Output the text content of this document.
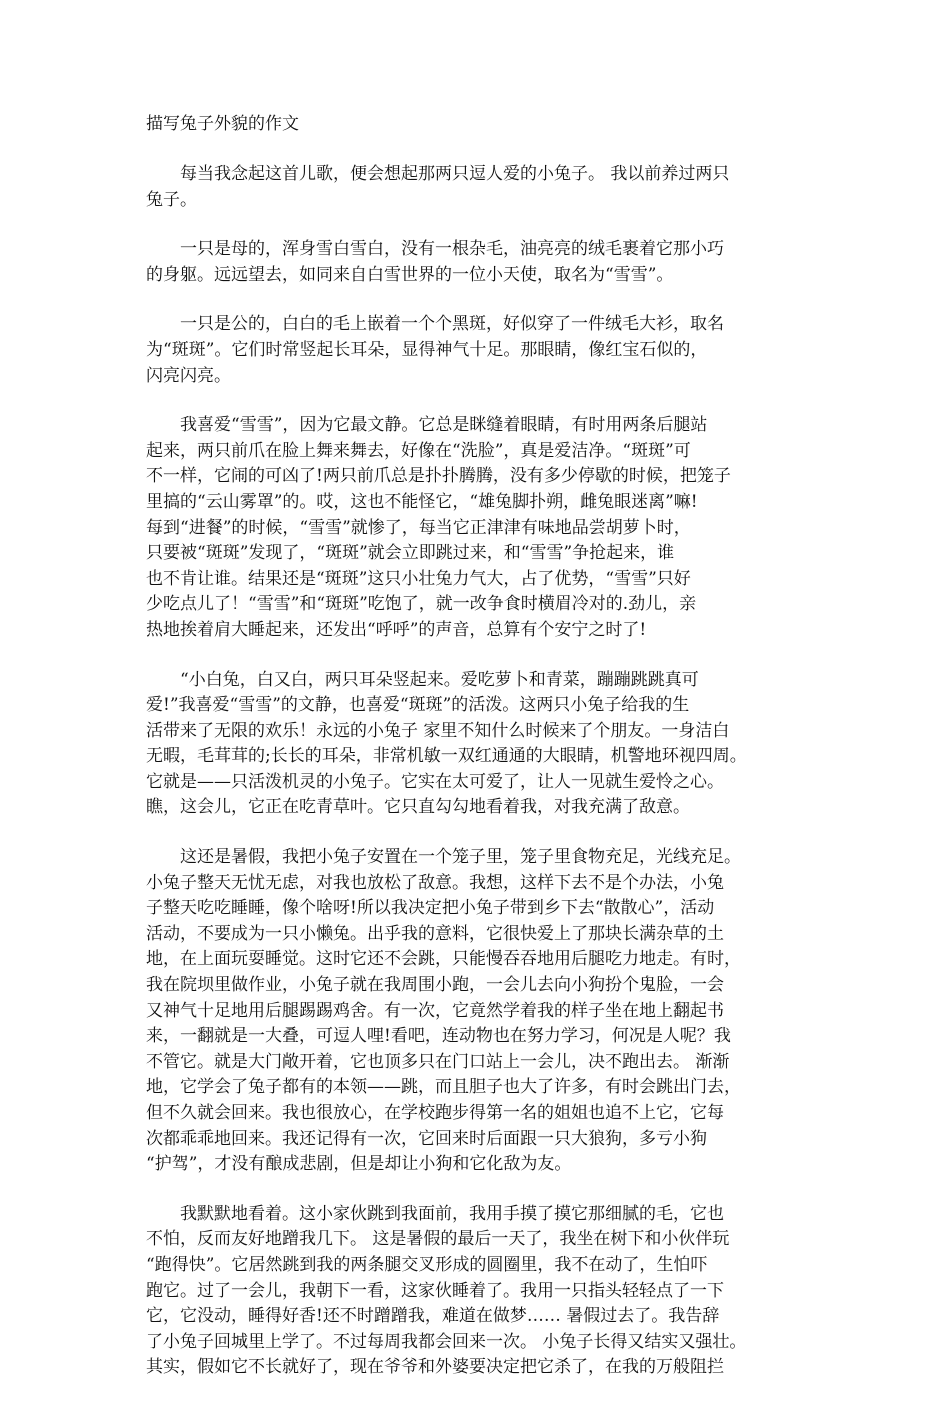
描写兔子外貌的作文
每当我念起这首儿歌，便会想起那两只逗人爱的小兔子。 我以前养过两只
兔子。
一只是母的，浑身雪白雪白，没有一根杂毛，油亮亮的绒毛裹着它那小巧
的身躯。远远望去，如同来自白雪世界的一位小天使，取名为“雪雪”。
一只是公的，白白的毛上嵌着一个个黑斑，好似穿了一件绒毛大衫，取名
为“斑斑”。它们时常竖起长耳朵，显得神气十足。那眼睛，像红宝石似的，
闪亮闪亮。
我喜爱“雪雪”，因为它最文静。它总是眯缝着眼睛，有时用两条后腿站
起来，两只前爪在脸上舞来舞去，好像在“洗脸”，真是爱洁净。“斑斑”可
不一样，它闹的可凶了!两只前爪总是扑扑腾腾，没有多少停歇的时候，把笼子
里搞的“云山雾罩”的。哎，这也不能怪它，“雄兔脚扑朔，雌兔眼迷离”嘛!
每到“进餐”的时候，“雪雪”就惨了，每当它正津津有味地品尝胡萝卜时，
只要被“斑斑”发现了，“斑斑”就会立即跳过来，和“雪雪”争抢起来，谁
也不肯让谁。结果还是“斑斑”这只小壮兔力气大，占了优势，“雪雪”只好
少吃点儿了！“雪雪”和“斑斑”吃饱了，就一改争食时横眉冷对的.劲儿，亲
热地挨着肩大睡起来，还发出“呼呼”的声音，总算有个安宁之时了!
“小白兔，白又白，两只耳朵竖起来。爱吃萝卜和青菜，蹦蹦跳跳真可
爱!”我喜爱“雪雪”的文静，也喜爱“斑斑”的活泼。这两只小兔子给我的生
活带来了无限的欢乐！永远的小兔子 家里不知什么时候来了个朋友。一身洁白
无暇，毛茸茸的;长长的耳朵，非常机敏一双红通通的大眼睛，机警地环视四周。
它就是——只活泼机灵的小兔子。它实在太可爱了，让人一见就生爱怜之心。
瞧，这会儿，它正在吃青草叶。它只直勾勾地看着我，对我充满了敌意。
这还是暑假，我把小兔子安置在一个笼子里，笼子里食物充足，光线充足。
小兔子整天无忧无虑，对我也放松了敌意。我想，这样下去不是个办法，小兔
子整天吃吃睡睡，像个啥呀!所以我决定把小兔子带到乡下去“散散心”，活动
活动，不要成为一只小懒兔。出乎我的意料，它很快爱上了那块长满杂草的土
地，在上面玩耍睡觉。这时它还不会跳，只能慢吞吞地用后腿吃力地走。有时，
我在院坝里做作业，小兔子就在我周围小跑，一会儿去向小狗扮个鬼脸，一会
又神气十足地用后腿踢踢鸡舍。有一次，它竟然学着我的样子坐在地上翻起书
来，一翻就是一大叠，可逗人哩!看吧，连动物也在努力学习，何况是人呢？我
不管它。就是大门敞开着，它也顶多只在门口站上一会儿，决不跑出去。 渐渐
地，它学会了兔子都有的本领——跳，而且胆子也大了许多，有时会跳出门去，
但不久就会回来。我也很放心，在学校跑步得第一名的姐姐也追不上它，它每
次都乖乖地回来。我还记得有一次，它回来时后面跟一只大狼狗，多亏小狗
“护驾”，才没有酿成悲剧，但是却让小狗和它化敌为友。
我默默地看着。这小家伙跳到我面前，我用手摸了摸它那细腻的毛，它也
不怕，反而友好地蹭我几下。 这是暑假的最后一天了，我坐在树下和小伙伴玩
“跑得快”。它居然跳到我的两条腿交叉形成的圆圈里，我不在动了，生怕吓
跑它。过了一会儿，我朝下一看，这家伙睡着了。我用一只指头轻轻点了一下
它，它没动，睡得好香!还不时蹭蹭我，难道在做梦…… 暑假过去了。我告辞
了小兔子回城里上学了。不过每周我都会回来一次。 小兔子长得又结实又强壮。
其实，假如它不长就好了，现在爷爷和外婆要决定把它杀了，在我的万般阻拦
